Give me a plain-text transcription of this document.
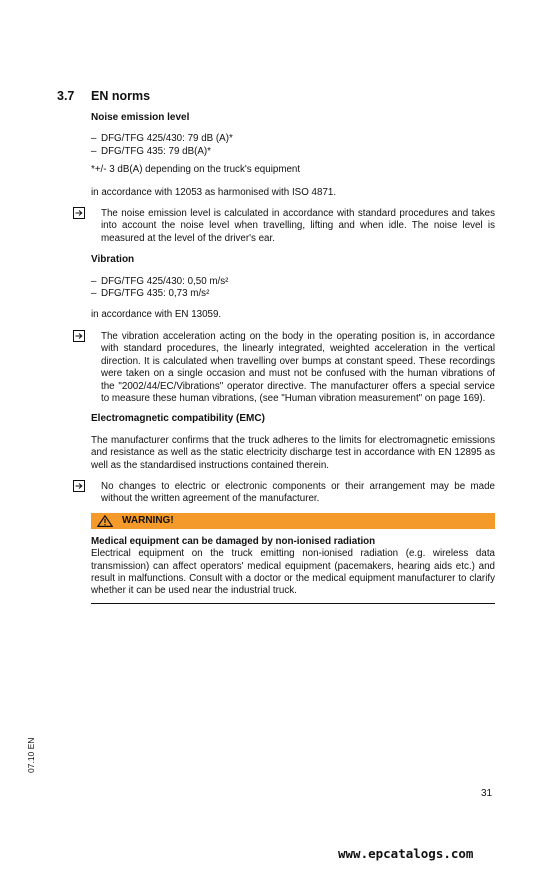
3.7 EN norms
Noise emission level
– DFG/TFG 425/430: 79 dB (A)*
– DFG/TFG 435: 79 dB(A)*

*+/- 3 dB(A) depending on the truck's equipment

in accordance with 12053 as harmonised with ISO 4871.

The noise emission level is calculated in accordance with standard procedures and takes into account the noise level when travelling, lifting and when idle. The noise level is measured at the level of the driver's ear.
Vibration
– DFG/TFG 425/430: 0,50 m/s²
– DFG/TFG 435: 0,73 m/s²

in accordance with EN 13059.

The vibration acceleration acting on the body in the operating position is, in accordance with standard procedures, the linearly integrated, weighted acceleration in the vertical direction. It is calculated when travelling over bumps at constant speed. These recordings were taken on a single occasion and must not be confused with the human vibrations of the "2002/44/EC/Vibrations" operator directive. The manufacturer offers a special service to measure these human vibrations, (see "Human vibration measurement" on page 169).
Electromagnetic compatibility (EMC)

The manufacturer confirms that the truck adheres to the limits for electromagnetic emissions and resistance as well as the static electricity discharge test in accordance with EN 12895 as well as the standardised instructions contained therein.

No changes to electric or electronic components or their arrangement may be made without the written agreement of the manufacturer.
WARNING!

Medical equipment can be damaged by non-ionised radiation

Electrical equipment on the truck emitting non-ionised radiation (e.g. wireless data transmission) can affect operators' medical equipment (pacemakers, hearing aids etc.) and result in malfunctions. Consult with a doctor or the medical equipment manufacturer to clarify whether it can be used near the industrial truck.

07.10 EN
31
www.epcatalogs.com
